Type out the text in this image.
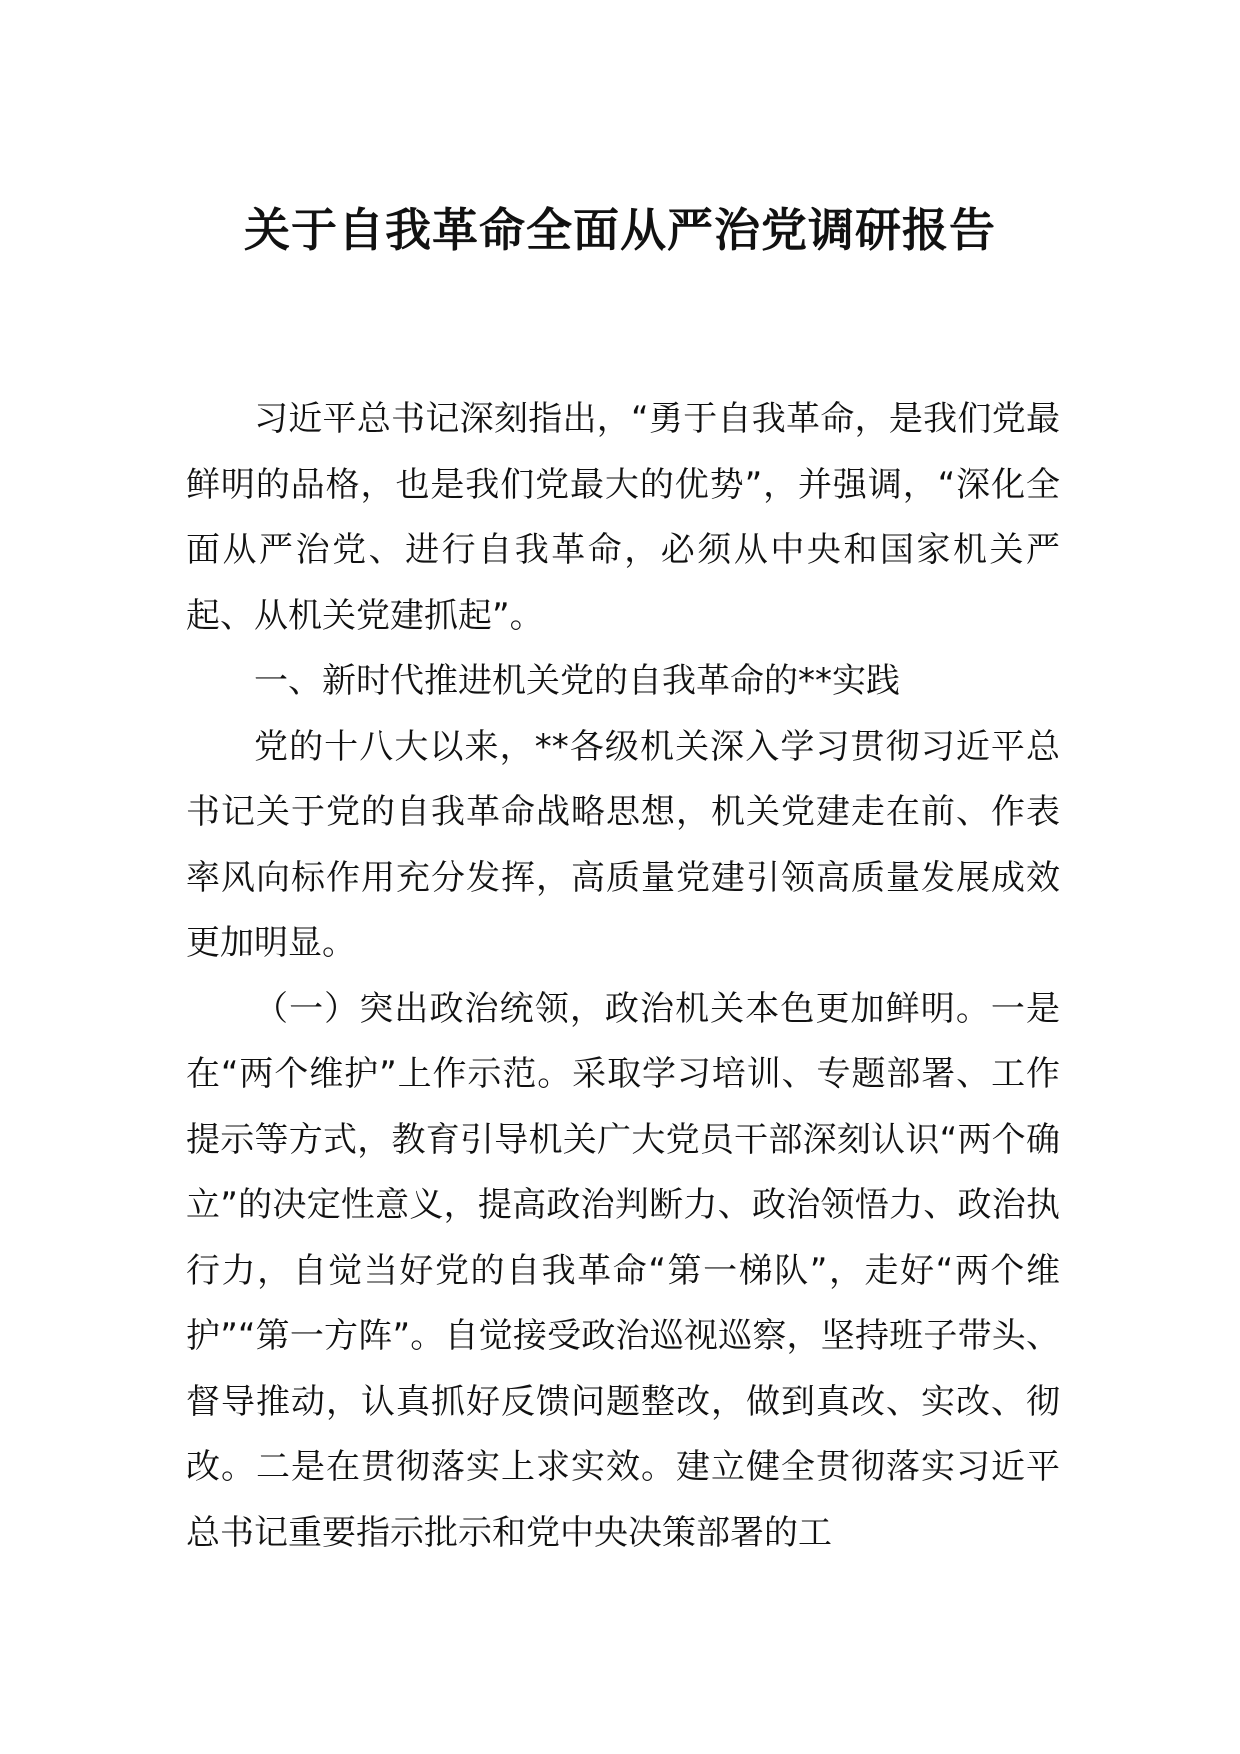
关于自我革命全面从严治党调研报告

习近平总书记深刻指出，“勇于自我革命，是我们党最鲜明的品格，也是我们党最大的优势”，并强调，“深化全面从严治党、进行自我革命，必须从中央和国家机关严起、从机关党建抓起”。

一、新时代推进机关党的自我革命的**实践

党的十八大以来，**各级机关深入学习贯彻习近平总书记关于党的自我革命战略思想，机关党建走在前、作表率风向标作用充分发挥，高质量党建引领高质量发展成效更加明显。

（一）突出政治统领，政治机关本色更加鲜明。一是在“两个维护”上作示范。采取学习培训、专题部署、工作提示等方式，教育引导机关广大党员干部深刻认识“两个确立”的决定性意义，提高政治判断力、政治领悟力、政治执行力，自觉当好党的自我革命“第一梯队”，走好“两个维护”“第一方阵”。自觉接受政治巡视巡察，坚持班子带头、督导推动，认真抓好反馈问题整改，做到真改、实改、彻改。二是在贯彻落实上求实效。建立健全贯彻落实习近平总书记重要指示批示和党中央决策部署的工
